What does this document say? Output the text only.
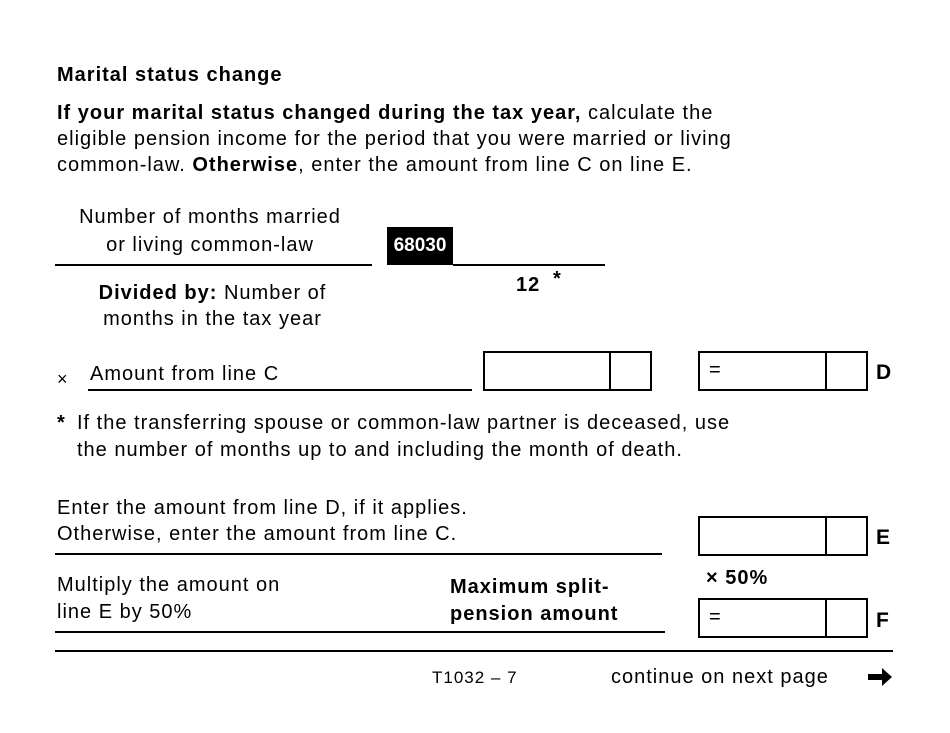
Marital status change
If your marital status changed during the tax year, calculate the
eligible pension income for the period that you were married or living
common-law. Otherwise, enter the amount from line C on line E.
Number of months married
or living common-law	68030
12 *
Divided by: Number of
months in the tax year
× Amount from line C	=	D
* If the transferring spouse or common-law partner is deceased, use
the number of months up to and including the month of death.
Enter the amount from line D, if it applies.
Otherwise, enter the amount from line C.	E
× 50%
Multiply the amount on
line E by 50%
Maximum split-
pension amount	=	F
T1032 – 7	continue on next page
